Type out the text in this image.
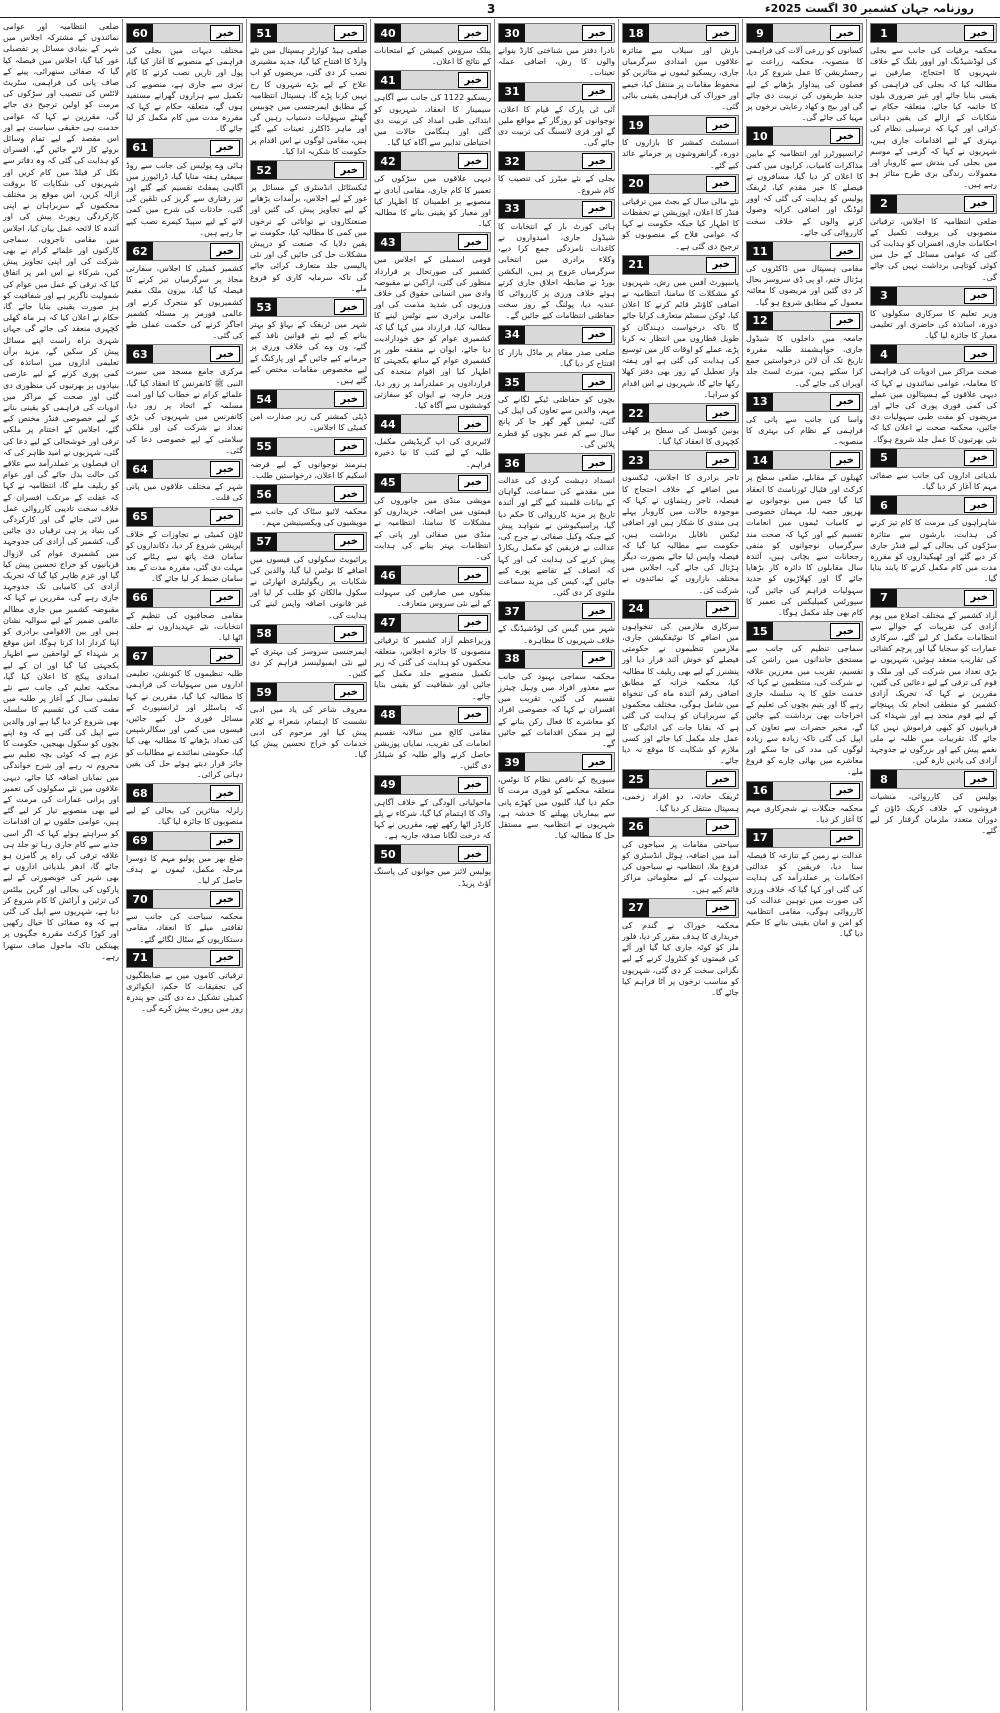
3	روزنامہ جہان کشمیر 30 اگست 2025ء
خبر
1

محکمہ برقیات کی جانب سے بجلی کی لوڈشیڈنگ اور اوور بلنگ کے خلاف شہریوں کا احتجاج، صارفین نے مطالبہ کیا کہ بجلی کی فراہمی کو یقینی بنایا جائے اور غیر ضروری بلوں کا خاتمہ کیا جائے، متعلقہ حکام نے شکایات کے ازالے کی یقین دہانی کرائی اور کہا کہ ترسیلی نظام کی بہتری کے لیے اقدامات جاری ہیں، شہریوں نے کہا کہ گرمی کے موسم میں بجلی کی بندش سے کاروبار اور معمولات زندگی بری طرح متاثر ہو رہے ہیں۔

خبر
2

ضلعی انتظامیہ کا اجلاس، ترقیاتی منصوبوں کی بروقت تکمیل کے احکامات جاری، افسران کو ہدایت کی گئی کہ عوامی مسائل کے حل میں کوئی کوتاہی برداشت نہیں کی جائے گی۔

خبر
3

وزیر تعلیم کا سرکاری سکولوں کا دورہ، اساتذہ کی حاضری اور تعلیمی معیار کا جائزہ لیا گیا۔

خبر
4

صحت مراکز میں ادویات کی فراہمی کا معاملہ، عوامی نمائندوں نے کہا کہ دیہی علاقوں کے ہسپتالوں میں عملے کی کمی فوری پوری کی جائے اور مریضوں کو مفت طبی سہولیات دی جائیں، محکمہ صحت نے اعلان کیا کہ نئی بھرتیوں کا عمل جلد شروع ہوگا۔

خبر
5

بلدیاتی اداروں کی جانب سے صفائی مہم کا آغاز کر دیا گیا۔

خبر
6

شاہراہوں کی مرمت کا کام تیز کرنے کی ہدایت، بارشوں سے متاثرہ سڑکوں کی بحالی کے لیے فنڈز جاری کر دیے گئے اور ٹھیکیداروں کو مقررہ مدت میں کام مکمل کرنے کا پابند بنایا گیا۔

خبر
7

آزاد کشمیر کے مختلف اضلاع میں یوم آزادی کی تقریبات کے حوالے سے انتظامات مکمل کر لیے گئے، سرکاری عمارات کو سجایا گیا اور پرچم کشائی کی تقاریب منعقد ہوئیں، شہریوں نے بڑی تعداد میں شرکت کی اور ملک و قوم کی ترقی کے لیے دعائیں کی گئیں، مقررین نے کہا کہ تحریک آزادی کشمیر کو منطقی انجام تک پہنچانے کے لیے قوم متحد ہے اور شہداء کی قربانیوں کو کبھی فراموش نہیں کیا جائے گا، تقریبات میں طلبہ نے ملی نغمے پیش کیے اور بزرگوں نے جدوجہد آزادی کی یادیں تازہ کیں۔

خبر
8

پولیس کی کارروائی، منشیات فروشوں کے خلاف کریک ڈاؤن کے دوران متعدد ملزمان گرفتار کر لیے گئے۔

خبر
9

کسانوں کو زرعی آلات کی فراہمی کا منصوبہ، محکمہ زراعت نے رجسٹریشن کا عمل شروع کر دیا، فصلوں کی پیداوار بڑھانے کے لیے جدید طریقوں کی تربیت دی جائے گی اور بیج و کھاد رعایتی نرخوں پر مہیا کی جائے گی۔

خبر
10

ٹرانسپورٹرز اور انتظامیہ کے مابین مذاکرات کامیاب، کرایوں میں کمی کا اعلان کر دیا گیا، مسافروں نے فیصلے کا خیر مقدم کیا، ٹریفک پولیس کو ہدایت کی گئی کہ اوور لوڈنگ اور اضافی کرایہ وصول کرنے والوں کے خلاف سخت کارروائی کی جائے۔

خبر
11

مقامی ہسپتال میں ڈاکٹروں کی ہڑتال ختم، او پی ڈی سروسز بحال کر دی گئیں اور مریضوں کا معائنہ معمول کے مطابق شروع ہو گیا۔

خبر
12

جامعہ میں داخلوں کا شیڈول جاری، خواہشمند طلبہ مقررہ تاریخ تک آن لائن درخواستیں جمع کرا سکتے ہیں، میرٹ لسٹ جلد آویزاں کی جائے گی۔

خبر
13

واسا کی جانب سے پانی کی فراہمی کے نظام کی بہتری کا منصوبہ۔

خبر
14

کھیلوں کے مقابلے، ضلعی سطح پر کرکٹ اور فٹبال ٹورنامنٹ کا انعقاد کیا گیا جس میں نوجوانوں نے بھرپور حصہ لیا، مہمان خصوصی نے کامیاب ٹیموں میں انعامات تقسیم کیے اور کہا کہ صحت مند سرگرمیاں نوجوانوں کو منفی رجحانات سے بچاتی ہیں، آئندہ سال مقابلوں کا دائرہ کار بڑھایا جائے گا اور کھلاڑیوں کو جدید سہولیات فراہم کی جائیں گی، سپورٹس کمپلیکس کی تعمیر کا کام بھی جلد مکمل ہوگا۔

خبر
15

سماجی تنظیم کی جانب سے مستحق خاندانوں میں راشن کی تقسیم، تقریب میں معززین علاقہ نے شرکت کی، منتظمین نے کہا کہ خدمت خلق کا یہ سلسلہ جاری رہے گا اور یتیم بچوں کی تعلیم کے اخراجات بھی برداشت کیے جائیں گے، مخیر حضرات سے تعاون کی اپیل کی گئی تاکہ زیادہ سے زیادہ لوگوں کی مدد کی جا سکے اور معاشرے میں بھائی چارے کو فروغ ملے۔

خبر
16

محکمہ جنگلات نے شجرکاری مہم کا آغاز کر دیا۔

خبر
17

عدالت نے زمین کے تنازعہ کا فیصلہ سنا دیا، فریقین کو عدالتی احکامات پر عملدرآمد کی ہدایت کی گئی اور کہا گیا کہ خلاف ورزی کی صورت میں توہین عدالت کی کارروائی ہوگی، مقامی انتظامیہ کو امن و امان یقینی بنانے کا حکم دیا گیا۔

خبر
18

بارش اور سیلاب سے متاثرہ علاقوں میں امدادی سرگرمیاں جاری، ریسکیو ٹیموں نے متاثرین کو محفوظ مقامات پر منتقل کیا، خیمے اور خوراک کی فراہمی یقینی بنائی گئی۔

خبر
19

اسسٹنٹ کمشنر کا بازاروں کا دورہ، گرانفروشوں پر جرمانے عائد کیے گئے۔

خبر
20

نئے مالی سال کے بجٹ میں ترقیاتی فنڈز کا اعلان، اپوزیشن نے تحفظات کا اظہار کیا جبکہ حکومت نے کہا کہ عوامی فلاح کے منصوبوں کو ترجیح دی گئی ہے۔

خبر
21

پاسپورٹ آفس میں رش، شہریوں کو مشکلات کا سامنا، انتظامیہ نے اضافی کاؤنٹر قائم کرنے کا اعلان کیا، ٹوکن سسٹم متعارف کرایا جائے گا تاکہ درخواست دہندگان کو طویل قطاروں میں انتظار نہ کرنا پڑے، عملے کو اوقات کار میں توسیع کی ہدایت کی گئی ہے اور ہفتہ وار تعطیل کے روز بھی دفتر کھلا رکھا جائے گا، شہریوں نے اس اقدام کو سراہا۔

خبر
22

یونین کونسل کی سطح پر کھلی کچہری کا انعقاد کیا گیا۔

خبر
23

تاجر برادری کا اجلاس، ٹیکسوں میں اضافے کے خلاف احتجاج کا فیصلہ، تاجر رہنماؤں نے کہا کہ موجودہ حالات میں کاروبار پہلے ہی مندی کا شکار ہیں اور اضافی ٹیکس ناقابل برداشت ہیں، حکومت سے مطالبہ کیا گیا کہ فیصلہ واپس لیا جائے بصورت دیگر ہڑتال کی جائے گی، اجلاس میں مختلف بازاروں کے نمائندوں نے شرکت کی۔

خبر
24

سرکاری ملازمین کی تنخواہوں میں اضافے کا نوٹیفکیشن جاری، ملازمین تنظیموں نے حکومتی فیصلے کو خوش آئند قرار دیا اور پنشنرز کے لیے بھی ریلیف کا مطالبہ کیا، محکمہ خزانہ کے مطابق اضافی رقم آئندہ ماہ کی تنخواہ میں شامل ہوگی، مختلف محکموں کے سربراہان کو ہدایت کی گئی ہے کہ بقایا جات کی ادائیگی کا عمل جلد مکمل کیا جائے اور کسی ملازم کو شکایت کا موقع نہ دیا جائے۔

خبر
25

ٹریفک حادثہ، دو افراد زخمی، ہسپتال منتقل کر دیا گیا۔

خبر
26

سیاحتی مقامات پر سیاحوں کی آمد میں اضافہ، ہوٹل انڈسٹری کو فروغ ملا، انتظامیہ نے سیاحوں کی سہولت کے لیے معلوماتی مراکز قائم کیے ہیں۔

خبر
27

محکمہ خوراک نے گندم کی خریداری کا ہدف مقرر کر دیا، فلور ملز کو کوٹہ جاری کیا گیا اور آٹے کی قیمتوں کو کنٹرول کرنے کے لیے نگرانی سخت کر دی گئی، شہریوں کو مناسب نرخوں پر آٹا فراہم کیا جائے گا۔

خبر
30

نادرا دفتر میں شناختی کارڈ بنوانے والوں کا رش، اضافی عملہ تعینات۔

خبر
31

آئی ٹی پارک کے قیام کا اعلان، نوجوانوں کو روزگار کے مواقع ملیں گے اور فری لانسنگ کی تربیت دی جائے گی۔

خبر
32

بجلی کے نئے میٹرز کی تنصیب کا کام شروع۔

خبر
33

ہائی کورٹ بار کے انتخابات کا شیڈول جاری، امیدواروں نے کاغذات نامزدگی جمع کرا دیے، وکلاء برادری میں انتخابی سرگرمیاں عروج پر ہیں، الیکشن بورڈ نے ضابطہ اخلاق جاری کرتے ہوئے خلاف ورزی پر کارروائی کا عندیہ دیا، پولنگ کے روز سخت حفاظتی انتظامات کیے جائیں گے۔

خبر
34

ضلعی صدر مقام پر ماڈل بازار کا افتتاح کر دیا گیا۔

خبر
35

بچوں کو حفاظتی ٹیکے لگانے کی مہم، والدین سے تعاون کی اپیل کی گئی، ٹیمیں گھر گھر جا کر پانچ سال سے کم عمر بچوں کو قطرے پلائیں گی۔

خبر
36

انسداد دہشت گردی کی عدالت میں مقدمے کی سماعت، گواہان کے بیانات قلمبند کیے گئے اور آئندہ تاریخ پر مزید کارروائی کا حکم دیا گیا، پراسیکیوشن نے شواہد پیش کیے جبکہ وکیل صفائی نے جرح کی، عدالت نے فریقین کو مکمل ریکارڈ پیش کرنے کی ہدایت کی اور کہا کہ انصاف کے تقاضے پورے کیے جائیں گے، کیس کی مزید سماعت ملتوی کر دی گئی۔

خبر
37

شہر میں گیس کی لوڈشیڈنگ کے خلاف شہریوں کا مظاہرہ۔

خبر
38

محکمہ سماجی بہبود کی جانب سے معذور افراد میں وہیل چیئرز تقسیم کی گئیں، تقریب میں افسران نے کہا کہ خصوصی افراد کو معاشرے کا فعال رکن بنانے کے لیے ہر ممکن اقدامات کیے جائیں گے۔

خبر
39

سیوریج کے ناقص نظام کا نوٹس، متعلقہ محکمے کو فوری مرمت کا حکم دیا گیا، گلیوں میں کھڑے پانی سے بیماریاں پھیلنے کا خدشہ ہے، شہریوں نے انتظامیہ سے مستقل حل کا مطالبہ کیا۔

خبر
40

پبلک سروس کمیشن کے امتحانات کے نتائج کا اعلان۔

خبر
41

ریسکیو 1122 کی جانب سے آگاہی سیمینار کا انعقاد، شہریوں کو ابتدائی طبی امداد کی تربیت دی گئی اور ہنگامی حالات میں احتیاطی تدابیر سے آگاہ کیا گیا۔

خبر
42

دیہی علاقوں میں سڑکوں کی تعمیر کا کام جاری، مقامی آبادی نے منصوبے پر اطمینان کا اظہار کیا اور معیار کو یقینی بنانے کا مطالبہ کیا۔

خبر
43

قومی اسمبلی کے اجلاس میں کشمیر کی صورتحال پر قرارداد منظور کی گئی، اراکین نے مقبوضہ وادی میں انسانی حقوق کی خلاف ورزیوں کی شدید مذمت کی اور عالمی برادری سے نوٹس لینے کا مطالبہ کیا، قرارداد میں کہا گیا کہ کشمیری عوام کو حق خودارادیت دیا جائے، ایوان نے متفقہ طور پر کشمیری عوام کے ساتھ یکجہتی کا اظہار کیا اور اقوام متحدہ کی قراردادوں پر عملدرآمد پر زور دیا، وزیر خارجہ نے ایوان کو سفارتی کوششوں سے آگاہ کیا۔

خبر
44

لائبریری کی اپ گریڈیشن مکمل، طلبہ کے لیے کتب کا نیا ذخیرہ فراہم۔

خبر
45

مویشی منڈی میں جانوروں کی قیمتوں میں اضافہ، خریداروں کو مشکلات کا سامنا، انتظامیہ نے منڈی میں صفائی اور پانی کے انتظامات بہتر بنانے کی ہدایت کی۔

خبر
46

بینکوں میں صارفین کی سہولت کے لیے نئی سروس متعارف۔

خبر
47

وزیراعظم آزاد کشمیر کا ترقیاتی منصوبوں کا جائزہ اجلاس، متعلقہ محکموں کو ہدایت کی گئی کہ زیر تکمیل منصوبے جلد مکمل کیے جائیں اور شفافیت کو یقینی بنایا جائے۔

خبر
48

مقامی کالج میں سالانہ تقسیم انعامات کی تقریب، نمایاں پوزیشن حاصل کرنے والے طلبہ کو شیلڈز دی گئیں۔

خبر
49

ماحولیاتی آلودگی کے خلاف آگاہی واک کا اہتمام کیا گیا، شرکاء نے پلے کارڈز اٹھا رکھے تھے، مقررین نے کہا کہ درخت لگانا صدقہ جاریہ ہے۔

خبر
50

پولیس لائنز میں جوانوں کی پاسنگ آؤٹ پریڈ۔

خبر
51

ضلعی ہیڈ کوارٹر ہسپتال میں نئے وارڈ کا افتتاح کیا گیا، جدید مشینری نصب کر دی گئی، مریضوں کو اب علاج کے لیے بڑے شہروں کا رخ نہیں کرنا پڑے گا، ہسپتال انتظامیہ کے مطابق ایمرجنسی میں چوبیس گھنٹے سہولیات دستیاب رہیں گی اور ماہر ڈاکٹرز تعینات کیے گئے ہیں، مقامی لوگوں نے اس اقدام پر حکومت کا شکریہ ادا کیا۔

خبر
52

ٹیکسٹائل انڈسٹری کے مسائل پر غور کے لیے اجلاس، برآمدات بڑھانے کے لیے تجاویز پیش کی گئیں اور صنعتکاروں نے توانائی کے نرخوں میں کمی کا مطالبہ کیا، حکومت نے یقین دلایا کہ صنعت کو درپیش مشکلات حل کی جائیں گی اور نئی پالیسی جلد متعارف کرائی جائے گی تاکہ سرمایہ کاری کو فروغ ملے۔

خبر
53

شہر میں ٹریفک کے بہاؤ کو بہتر بنانے کے لیے نئے قوانین نافذ کیے گئے، ون وے کی خلاف ورزی پر جرمانے کیے جائیں گے اور پارکنگ کے لیے مخصوص مقامات مختص کیے گئے ہیں۔

خبر
54

ڈپٹی کمشنر کی زیر صدارت امن کمیٹی کا اجلاس۔

خبر
55

ہنرمند نوجوانوں کے لیے قرضہ اسکیم کا اعلان، درخواستیں طلب۔

خبر
56

محکمہ لائیو سٹاک کی جانب سے مویشیوں کی ویکسینیشن مہم۔

خبر
57

پرائیویٹ سکولوں کی فیسوں میں اضافے کا نوٹس لیا گیا، والدین کی شکایات پر ریگولیٹری اتھارٹی نے سکول مالکان کو طلب کر لیا اور غیر قانونی اضافہ واپس لینے کی ہدایت کی۔

خبر
58

ایمرجنسی سروسز کی بہتری کے لیے نئی ایمبولینسز فراہم کر دی گئیں۔

خبر
59

معروف شاعر کی یاد میں ادبی نشست کا اہتمام، شعراء نے کلام پیش کیا اور مرحوم کی ادبی خدمات کو خراج تحسین پیش کیا گیا۔

خبر
60

مختلف دیہات میں بجلی کی فراہمی کے منصوبے کا آغاز کیا گیا، پول اور تاریں نصب کرنے کا کام تیزی سے جاری ہے، منصوبے کی تکمیل سے ہزاروں گھرانے مستفید ہوں گے، متعلقہ حکام نے کہا کہ مقررہ مدت میں کام مکمل کر لیا جائے گا۔

خبر
61

ہائی وے پولیس کی جانب سے روڈ سیفٹی ہفتہ منایا گیا، ڈرائیورز میں آگاہی پمفلٹ تقسیم کیے گئے اور تیز رفتاری سے گریز کی تلقین کی گئی، حادثات کی شرح میں کمی لانے کے لیے سپیڈ کیمرے نصب کیے جا رہے ہیں۔

خبر
62

کشمیر کمیٹی کا اجلاس، سفارتی محاذ پر سرگرمیاں تیز کرنے کا فیصلہ کیا گیا، بیرون ملک مقیم کشمیریوں کو متحرک کرنے اور عالمی فورمز پر مسئلہ کشمیر اجاگر کرنے کی حکمت عملی طے کی گئی۔

خبر
63

مرکزی جامع مسجد میں سیرت النبی ﷺ کانفرنس کا انعقاد کیا گیا، علمائے کرام نے خطاب کیا اور امت مسلمہ کے اتحاد پر زور دیا، کانفرنس میں شہریوں کی بڑی تعداد نے شرکت کی اور ملکی سلامتی کے لیے خصوصی دعا کی گئی۔

خبر
64

شہر کے مختلف علاقوں میں پانی کی قلت۔

خبر
65

ٹاؤن کمیٹی نے تجاوزات کے خلاف آپریشن شروع کر دیا، دکانداروں کو سامان فٹ پاتھ سے ہٹانے کی مہلت دی گئی، مقررہ مدت کے بعد سامان ضبط کر لیا جائے گا۔

خبر
66

مقامی صحافیوں کی تنظیم کے انتخابات، نئے عہدیداروں نے حلف اٹھا لیا۔

خبر
67

طلبہ تنظیموں کا کنونشن، تعلیمی اداروں میں سہولیات کی فراہمی کا مطالبہ کیا گیا، مقررین نے کہا کہ ہاسٹلز اور ٹرانسپورٹ کے مسائل فوری حل کیے جائیں، فیسوں میں کمی اور سکالرشپس کی تعداد بڑھانے کا مطالبہ بھی کیا گیا، حکومتی نمائندے نے مطالبات کو جائز قرار دیتے ہوئے حل کی یقین دہانی کرائی۔

خبر
68

زلزلہ متاثرین کی بحالی کے لیے منصوبوں کا جائزہ لیا گیا۔

خبر
69

ضلع بھر میں پولیو مہم کا دوسرا مرحلہ مکمل، ٹیموں نے ہدف حاصل کر لیا۔

خبر
70

محکمہ سیاحت کی جانب سے ثقافتی میلے کا انعقاد، مقامی دستکاریوں کے سٹال لگائے گئے۔

خبر
71

ترقیاتی کاموں میں بے ضابطگیوں کی تحقیقات کا حکم، انکوائری کمیٹی تشکیل دے دی گئی جو پندرہ روز میں رپورٹ پیش کرے گی۔

ضلعی انتظامیہ اور عوامی نمائندوں کے مشترکہ اجلاس میں شہر کے بنیادی مسائل پر تفصیلی غور کیا گیا، اجلاس میں فیصلہ کیا گیا کہ صفائی ستھرائی، پینے کے صاف پانی کی فراہمی، سٹریٹ لائٹس کی تنصیب اور سڑکوں کی مرمت کو اولین ترجیح دی جائے گی، مقررین نے کہا کہ عوامی خدمت ہی حقیقی سیاست ہے اور اس مقصد کے لیے تمام وسائل بروئے کار لائے جائیں گے، افسران کو ہدایت کی گئی کہ وہ دفاتر سے نکل کر فیلڈ میں کام کریں اور شہریوں کی شکایات کا بروقت ازالہ کریں، اس موقع پر مختلف محکموں کے سربراہان نے اپنی کارکردگی رپورٹ پیش کی اور آئندہ کا لائحہ عمل بیان کیا، اجلاس میں مقامی تاجروں، سماجی کارکنوں اور علمائے کرام نے بھی شرکت کی اور اپنی تجاویز پیش کیں، شرکاء نے اس امر پر اتفاق کیا کہ ترقی کے عمل میں عوام کی شمولیت ناگزیر ہے اور شفافیت کو ہر صورت یقینی بنایا جائے گا، حکام نے اعلان کیا کہ ہر ماہ کھلی کچہری منعقد کی جائے گی جہاں شہری براہ راست اپنے مسائل پیش کر سکیں گے، مزید برآں تعلیمی اداروں میں اساتذہ کی کمی پوری کرنے کے لیے عارضی بنیادوں پر بھرتیوں کی منظوری دی گئی اور صحت کے مراکز میں ادویات کی فراہمی کو یقینی بنانے کے لیے خصوصی فنڈز مختص کیے گئے، اجلاس کے اختتام پر ملکی ترقی اور خوشحالی کے لیے دعا کی گئی، شہریوں نے امید ظاہر کی کہ ان فیصلوں پر عملدرآمد سے علاقے کی حالت بدل جائے گی اور عوام کو ریلیف ملے گا، انتظامیہ نے کہا کہ غفلت کے مرتکب افسران کے خلاف سخت تادیبی کارروائی عمل میں لائی جائے گی اور کارکردگی کی بنیاد پر ہی ترقیاں دی جائیں گی، کشمیر کی آزادی کی جدوجہد میں کشمیری عوام کی لازوال قربانیوں کو خراج تحسین پیش کیا گیا اور عزم ظاہر کیا گیا کہ تحریک آزادی کی کامیابی تک جدوجہد جاری رہے گی، مقررین نے کہا کہ مقبوضہ کشمیر میں جاری مظالم عالمی ضمیر کے لیے سوالیہ نشان ہیں اور بین الاقوامی برادری کو اپنا کردار ادا کرنا ہوگا، اس موقع پر شہداء کے لواحقین سے اظہار یکجہتی کیا گیا اور ان کے لیے امدادی پیکج کا اعلان کیا گیا، محکمہ تعلیم کی جانب سے نئے تعلیمی سال کے آغاز پر طلبہ میں مفت کتب کی تقسیم کا سلسلہ بھی شروع کر دیا گیا ہے اور والدین سے اپیل کی گئی ہے کہ وہ اپنے بچوں کو سکول بھیجیں، حکومت کا عزم ہے کہ کوئی بچہ تعلیم سے محروم نہ رہے اور شرح خواندگی میں نمایاں اضافہ کیا جائے، دیہی علاقوں میں نئے سکولوں کی تعمیر اور پرانی عمارات کی مرمت کے لیے بھی منصوبے تیار کر لیے گئے ہیں، عوامی حلقوں نے ان اقدامات کو سراہتے ہوئے کہا کہ اگر اسی جذبے سے کام جاری رہا تو جلد ہی علاقہ ترقی کی راہ پر گامزن ہو جائے گا، ادھر بلدیاتی اداروں نے بھی شہر کی خوبصورتی کے لیے پارکوں کی بحالی اور گرین بیلٹس کی تزئین و آرائش کا کام شروع کر دیا ہے، شہریوں سے اپیل کی گئی ہے کہ وہ صفائی کا خیال رکھیں اور کوڑا کرکٹ مقررہ جگہوں پر پھینکیں تاکہ ماحول صاف ستھرا رہے۔
